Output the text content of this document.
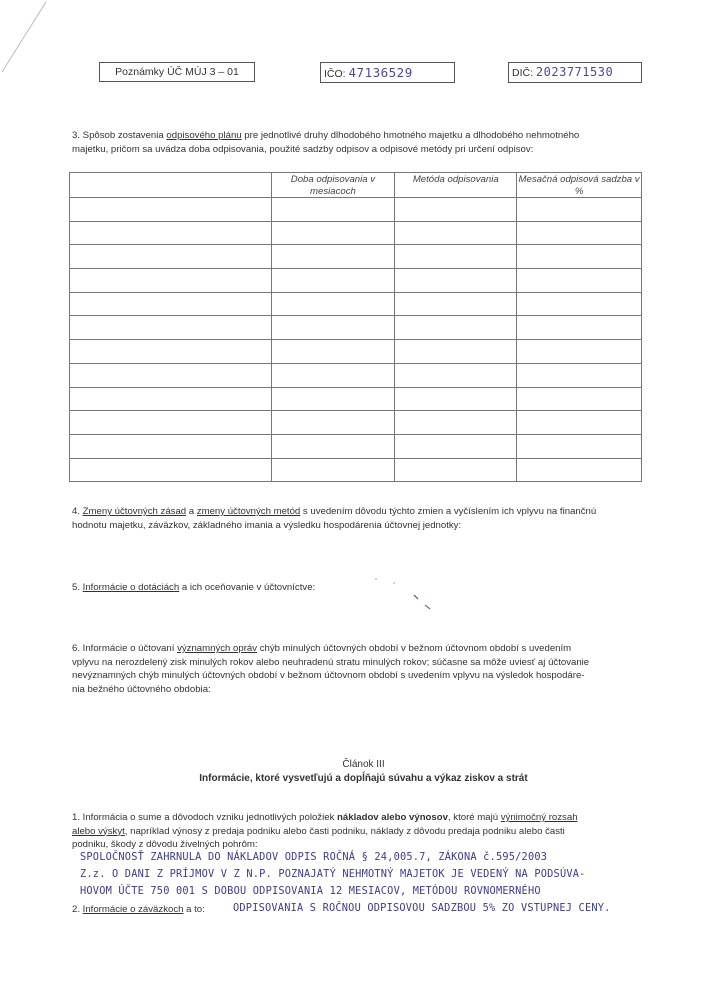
Poznámky ÚČ MÚJ 3 – 01	IČO: 47136529	DIČ: 2023771530
3. Spôsob zostavenia odpisového plánu pre jednotlivé druhy dlhodobého hmotného majetku a dlhodobého nehmotného
majetku, pričom sa uvádza doba odpisovania, použité sadzby odpisov a odpisové metódy pri určení odpisov:
	Doba odpisovania v mesiacoch	Metóda odpisovania	Mesačná odpisová sadzba v %

4. Zmeny účtovných zásad a zmeny účtovných metód s uvedením dôvodu týchto zmien a vyčíslením ich vplyvu na finančnú
hodnotu majetku, záväzkov, základného imania a výsledku hospodárenia účtovnej jednotky:
5. Informácie o dotáciách a ich oceňovanie v účtovníctve:
6. Informácie o účtovaní významných opráv chýb minulých účtovných období v bežnom účtovnom období s uvedením
vplyvu na nerozdelený zisk minulých rokov alebo neuhradenú stratu minulých rokov; súčasne sa môže uviesť aj účtovanie
nevýznamných chýb minulých účtovných období v bežnom účtovnom období s uvedením vplyvu na výsledok hospodáre-
nia bežného účtovného obdobia:
Článok III
Informácie, ktoré vysvetľujú a dopĺňajú súvahu a výkaz ziskov a strát
1. Informácia o sume a dôvodoch vzniku jednotlivých položiek nákladov alebo výnosov, ktoré majú výnimočný rozsah
alebo výskyt, napríklad výnosy z predaja podniku alebo časti podniku, náklady z dôvodu predaja podniku alebo časti
podniku, škody z dôvodu živelných pohrôm:
SPOLOČNOSŤ ZAHRNULA DO NÁKLADOV ODPIS ROČNÁ § 24,005.7, ZÁKONA č.595/2003
Z.z. O DANI Z PRÍJMOV V Z N.P. POZNAJATÝ NEHMOTNÝ MAJETOK JE VEDENÝ NA PODSÚVA-
HOVOM ÚČTE 750 001 S DOBOU ODPISOVANIA 12 MESIACOV, METÓDOU ROVNOMERNÉHO
ODPISOVANIA S ROČNOU ODPISOVOU SADZBOU 5% ZO VSTUPNEJ CENY.
2. Informácie o záväzkoch a to:
